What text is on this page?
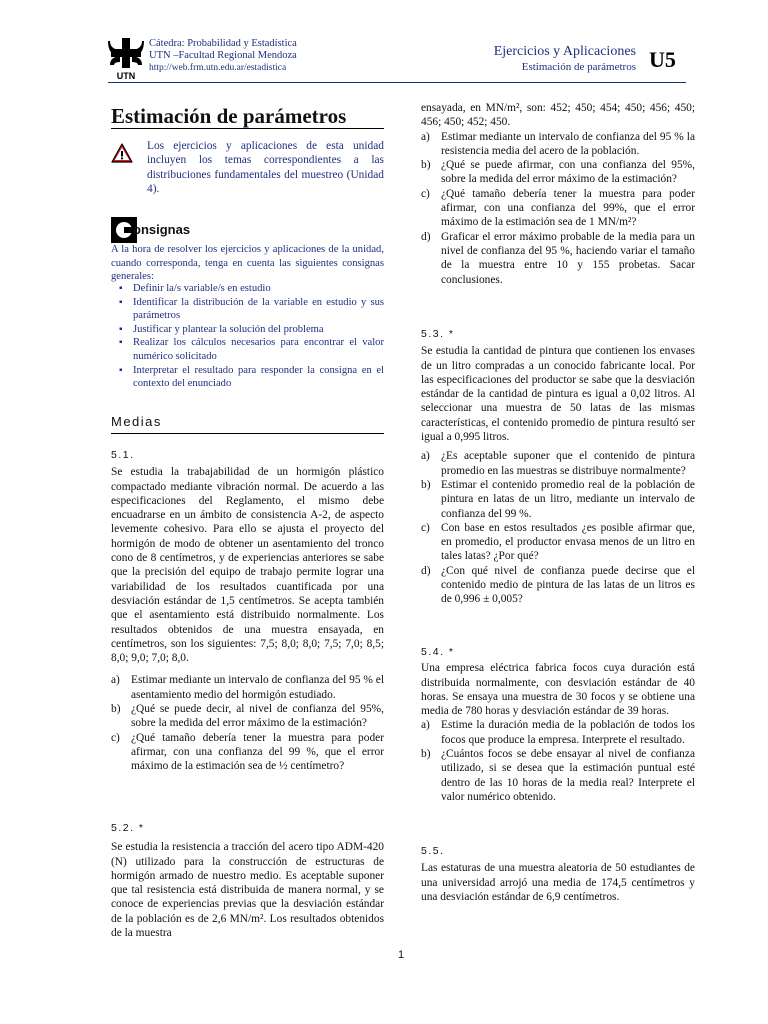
UTN
Cátedra: Probabilidad y Estadística
UTN –Facultad Regional Mendoza
http://web.frm.utn.edu.ar/estadistica
Ejercicios y Aplicaciones
Estimación de parámetros U5
Estimación de parámetros
Los ejercicios y aplicaciones de esta unidad incluyen los temas correspondientes a las distribuciones fundamentales del muestreo (Unidad 4).
onsignas
A la hora de resolver los ejercicios y aplicaciones de la unidad, cuando corresponda, tenga en cuenta las siguientes consignas generales:
▪ Definir la/s variable/s en estudio
▪ Identificar la distribución de la variable en estudio y sus parámetros
▪ Justificar y plantear la solución del problema
▪ Realizar los cálculos necesarios para encontrar el valor numérico solicitado
▪ Interpretar el resultado para responder la consigna en el contexto del enunciado
Medias
5.1.
Se estudia la trabajabilidad de un hormigón plástico compactado mediante vibración normal. De acuerdo a las especificaciones del Reglamento, el mismo debe encuadrarse en un ámbito de consistencia A-2, de aspecto levemente cohesivo. Para ello se ajusta el proyecto del hormigón de modo de obtener un asentamiento del tronco cono de 8 centímetros, y de experiencias anteriores se sabe que la precisión del equipo de trabajo permite lograr una variabilidad de los resultados cuantificada por una desviación estándar de 1,5 centímetros. Se acepta también que el asentamiento está distribuido normalmente. Los resultados obtenidos de una muestra ensayada, en centímetros, son los siguientes: 7,5; 8,0; 8,0; 7,5; 7,0; 8,5; 8,0; 9,0; 7,0; 8,0.
a) Estimar mediante un intervalo de confianza del 95 % el asentamiento medio del hormigón estudiado.
b) ¿Qué se puede decir, al nivel de confianza del 95%, sobre la medida del error máximo de la estimación?
c) ¿Qué tamaño debería tener la muestra para poder afirmar, con una confianza del 99 %, que el error máximo de la estimación sea de ½ centímetro?
5.2. *
Se estudia la resistencia a tracción del acero tipo ADM-420 (N) utilizado para la construcción de estructuras de hormigón armado de nuestro medio. Es aceptable suponer que tal resistencia está distribuida de manera normal, y se conoce de experiencias previas que la desviación estándar de la población es de 2,6 MN/m². Los resultados obtenidos de la muestra
ensayada, en MN/m², son: 452; 450; 454; 450; 456; 450; 456; 450; 452; 450.
a) Estimar mediante un intervalo de confianza del 95 % la resistencia media del acero de la población.
b) ¿Qué se puede afirmar, con una confianza del 95%, sobre la medida del error máximo de la estimación?
c) ¿Qué tamaño debería tener la muestra para poder afirmar, con una confianza del 99%, que el error máximo de la estimación sea de 1 MN/m²?
d) Graficar el error máximo probable de la media para un nivel de confianza del 95 %, haciendo variar el tamaño de la muestra entre 10 y 155 probetas. Sacar conclusiones.
5.3. *
Se estudia la cantidad de pintura que contienen los envases de un litro compradas a un conocido fabricante local. Por las especificaciones del productor se sabe que la desviación estándar de la cantidad de pintura es igual a 0,02 litros. Al seleccionar una muestra de 50 latas de las mismas características, el contenido promedio de pintura resultó ser igual a 0,995 litros.
a) ¿Es aceptable suponer que el contenido de pintura promedio en las muestras se distribuye normalmente?
b) Estimar el contenido promedio real de la población de pintura en latas de un litro, mediante un intervalo de confianza del 99 %.
c) Con base en estos resultados ¿es posible afirmar que, en promedio, el productor envasa menos de un litro en tales latas? ¿Por qué?
d) ¿Con qué nivel de confianza puede decirse que el contenido medio de pintura de las latas de un litros es de 0,996 ± 0,005?
5.4. *
Una empresa eléctrica fabrica focos cuya duración está distribuida normalmente, con desviación estándar de 40 horas. Se ensaya una muestra de 30 focos y se obtiene una media de 780 horas y desviación estándar de 39 horas.
a) Estime la duración media de la población de todos los focos que produce la empresa. Interprete el resultado.
b) ¿Cuántos focos se debe ensayar al nivel de confianza utilizado, si se desea que la estimación puntual esté dentro de las 10 horas de la media real? Interprete el valor numérico obtenido.
5.5.
Las estaturas de una muestra aleatoria de 50 estudiantes de una universidad arrojó una media de 174,5 centímetros y una desviación estándar de 6,9 centímetros.
1
